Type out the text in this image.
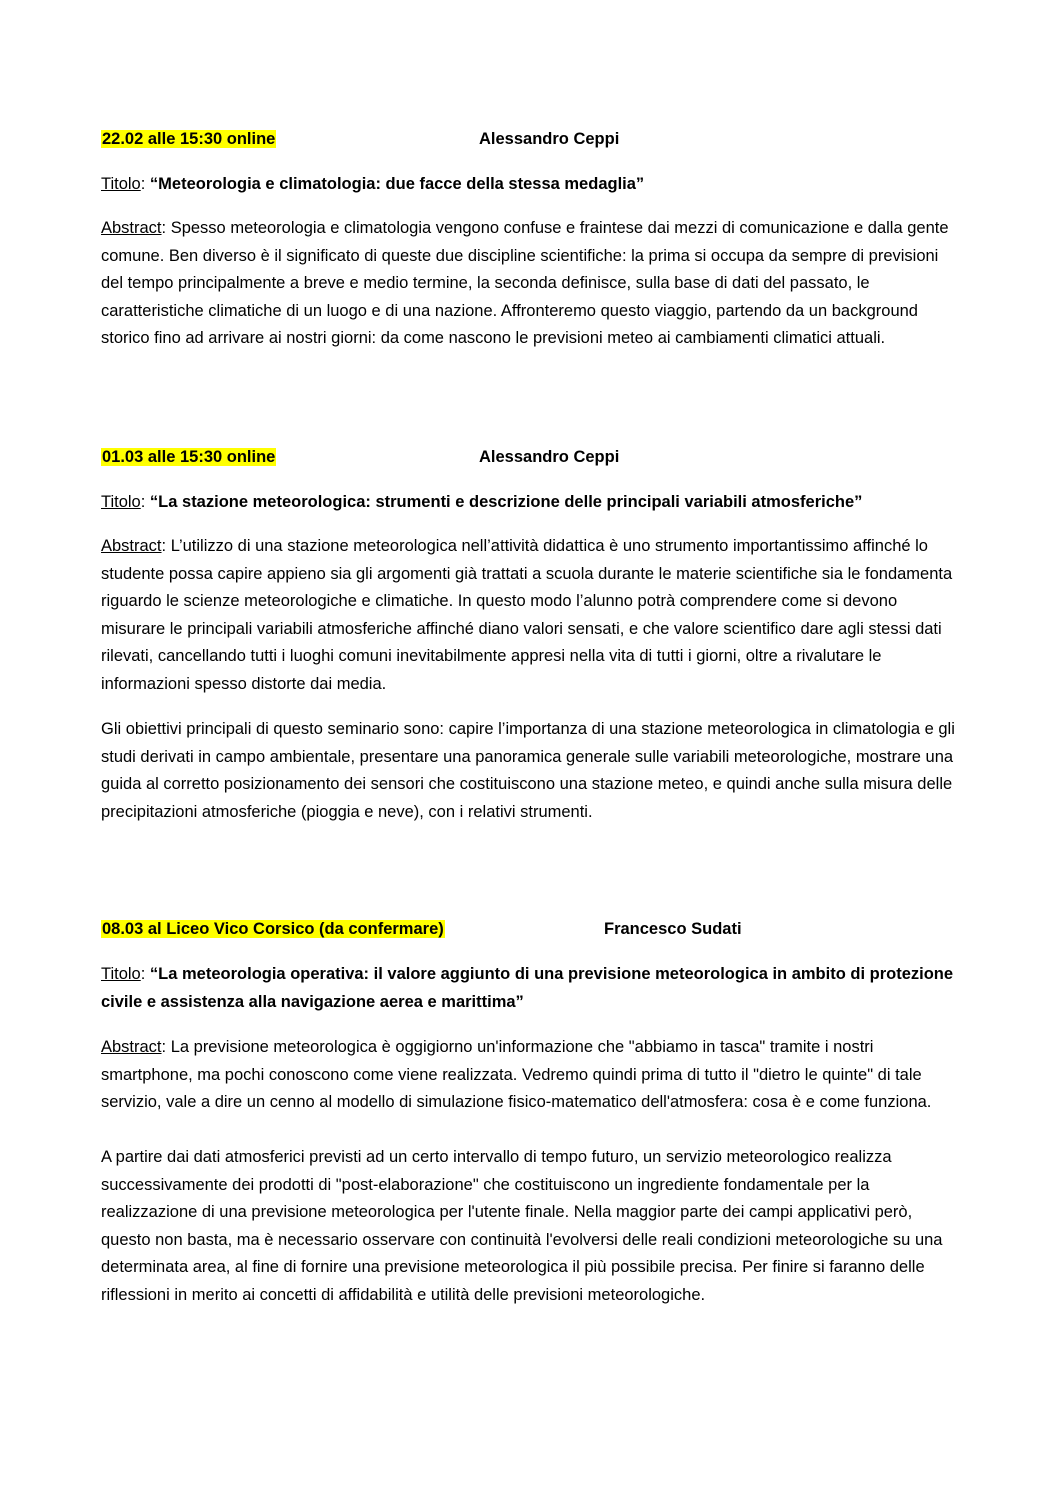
22.02 alle 15:30 online	Alessandro Ceppi
Titolo: “Meteorologia e climatologia: due facce della stessa medaglia”

Abstract: Spesso meteorologia e climatologia vengono confuse e fraintese dai mezzi di comunicazione e dalla gente comune. Ben diverso è il significato di queste due discipline scientifiche: la prima si occupa da sempre di previsioni del tempo principalmente a breve e medio termine, la seconda definisce, sulla base di dati del passato, le caratteristiche climatiche di un luogo e di una nazione. Affronteremo questo viaggio, partendo da un background storico fino ad arrivare ai nostri giorni: da come nascono le previsioni meteo ai cambiamenti climatici attuali.

01.03 alle 15:30 online	Alessandro Ceppi
Titolo: “La stazione meteorologica: strumenti e descrizione delle principali variabili atmosferiche”

Abstract: L’utilizzo di una stazione meteorologica nell’attività didattica è uno strumento importantissimo affinché lo studente possa capire appieno sia gli argomenti già trattati a scuola durante le materie scientifiche sia le fondamenta riguardo le scienze meteorologiche e climatiche. In questo modo l’alunno potrà comprendere come si devono misurare le principali variabili atmosferiche affinché diano valori sensati, e che valore scientifico dare agli stessi dati rilevati, cancellando tutti i luoghi comuni inevitabilmente appresi nella vita di tutti i giorni, oltre a rivalutare le informazioni spesso distorte dai media.

Gli obiettivi principali di questo seminario sono: capire l’importanza di una stazione meteorologica in climatologia e gli studi derivati in campo ambientale, presentare una panoramica generale sulle variabili meteorologiche, mostrare una guida al corretto posizionamento dei sensori che costituiscono una stazione meteo, e quindi anche sulla misura delle precipitazioni atmosferiche (pioggia e neve), con i relativi strumenti.

08.03 al Liceo Vico Corsico (da confermare)	Francesco Sudati
Titolo: “La meteorologia operativa: il valore aggiunto di una previsione meteorologica in ambito di protezione civile e assistenza alla navigazione aerea e marittima”

Abstract: La previsione meteorologica è oggigiorno un'informazione che "abbiamo in tasca" tramite i nostri smartphone, ma pochi conoscono come viene realizzata. Vedremo quindi prima di tutto il "dietro le quinte" di tale servizio, vale a dire un cenno al modello di simulazione fisico-matematico dell'atmosfera: cosa è e come funziona.

A partire dai dati atmosferici previsti ad un certo intervallo di tempo futuro, un servizio meteorologico realizza successivamente dei prodotti di "post-elaborazione" che costituiscono un ingrediente fondamentale per la realizzazione di una previsione meteorologica per l'utente finale. Nella maggior parte dei campi applicativi però, questo non basta, ma è necessario osservare con continuità l'evolversi delle reali condizioni meteorologiche su una determinata area, al fine di fornire una previsione meteorologica il più possibile precisa. Per finire si faranno delle riflessioni in merito ai concetti di affidabilità e utilità delle previsioni meteorologiche.
